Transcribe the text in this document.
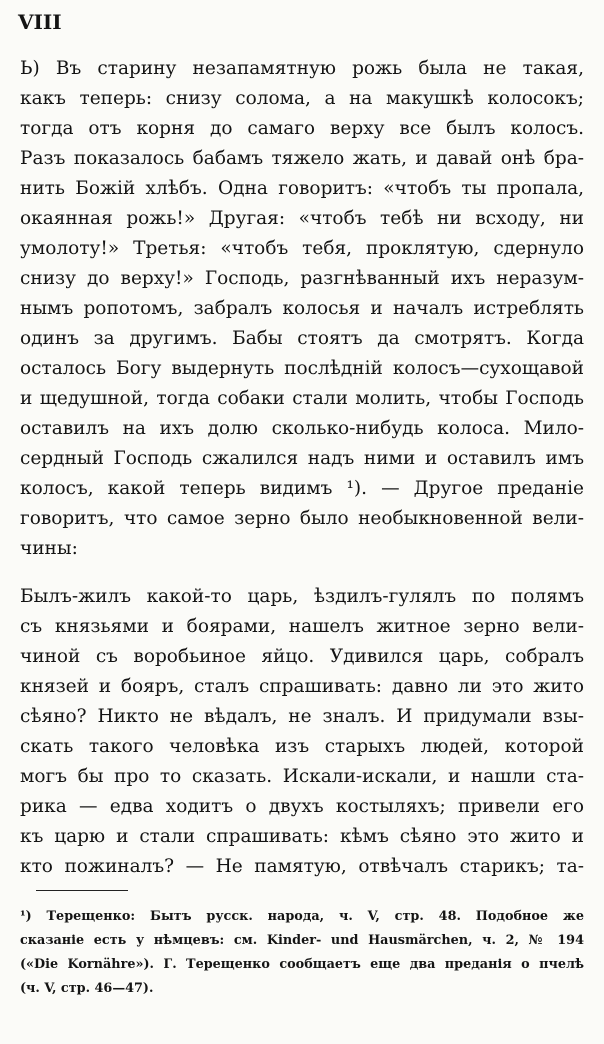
VIII
Ь) Въ старину незапамятную рожь была не такая,
какъ теперь: снизу солома, а на макушкѣ колосокъ;
тогда отъ корня до самаго верху все былъ колосъ.
Разъ показалось бабамъ тяжело жать, и давай онѣ бра-
нить Божій хлѣбъ. Одна говоритъ: «чтобъ ты пропала,
окаянная рожь!» Другая: «чтобъ тебѣ ни всходу, ни
умолоту!» Третья: «чтобъ тебя, проклятую, сдернуло
снизу до верху!» Господь, разгнѣванный ихъ неразум-
нымъ ропотомъ, забралъ колосья и началъ истреблять
одинъ за другимъ. Бабы стоятъ да смотрятъ. Когда
осталось Богу выдернуть послѣдній колосъ—сухощавой
и щедушной, тогда собаки стали молить, чтобы Господь
оставилъ на ихъ долю сколько-нибудь колоса. Мило-
сердный Господь сжалился надъ ними и оставилъ имъ
колосъ, какой теперь видимъ ¹). — Другое преданіе
говоритъ, что самое зерно было необыкновенной вели-
чины:
Былъ-жилъ какой-то царь, ѣздилъ-гулялъ по полямъ
съ князьями и боярами, нашелъ житное зерно вели-
чиной съ воробьиное яйцо. Удивился царь, собралъ
князей и бояръ, сталъ спрашивать: давно ли это жито
сѣяно? Никто не вѣдалъ, не зналъ. И придумали взы-
скать такого человѣка изъ старыхъ людей, которой
могъ бы про то сказать. Искали-искали, и нашли ста-
рика — едва ходитъ о двухъ костыляхъ; привели его
къ царю и стали спрашивать: кѣмъ сѣяно это жито и
кто пожиналъ? — Не памятую, отвѣчалъ старикъ; та-
¹) Терещенко: Бытъ русск. народа, ч. V, стр. 48. Подобное же
сказаніе есть у нѣмцевъ: см. Kinder- und Hausmärchen, ч. 2, № 194
(«Die Kornähre»). Г. Терещенко сообщаетъ еще два преданія о пчелѣ
(ч. V, стр. 46—47).
